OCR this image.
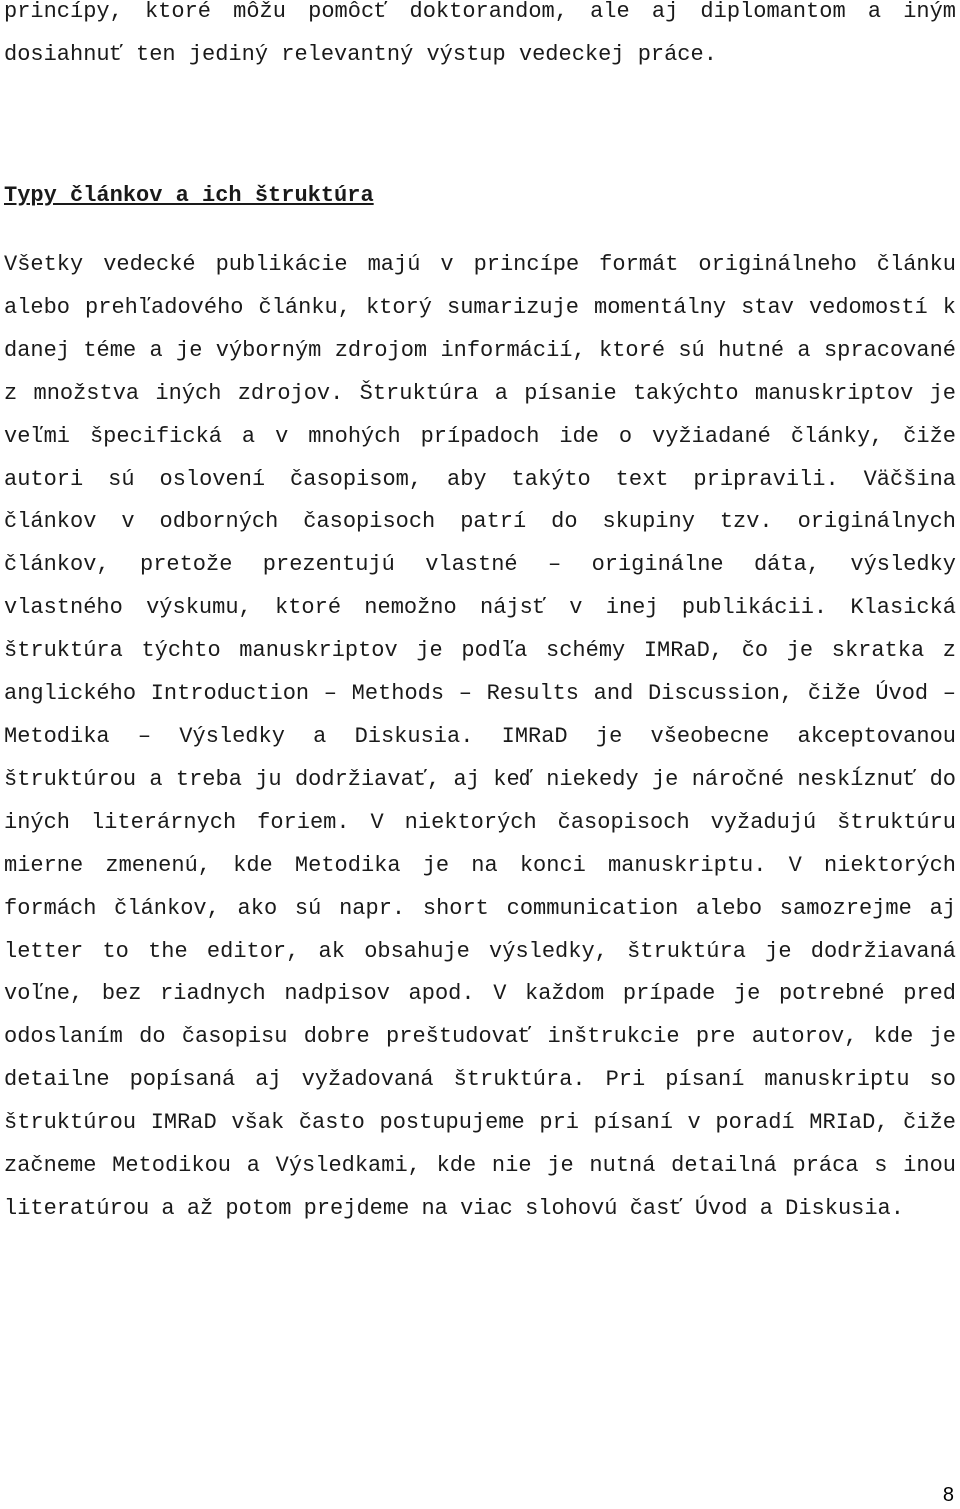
princípy, ktoré môžu pomôcť doktorandom, ale aj diplomantom a iným dosiahnuť ten jediný relevantný výstup vedeckej práce.

Typy článkov a ich štruktúra

Všetky vedecké publikácie majú v princípe formát originálneho článku alebo prehľadového článku, ktorý sumarizuje momentálny stav vedomostí k danej téme a je výborným zdrojom informácií, ktoré sú hutné a spracované z množstva iných zdrojov. Štruktúra a písanie takýchto manuskriptov je veľmi špecifická a v mnohých prípadoch ide o vyžiadané články, čiže autori sú oslovení časopisom, aby takýto text pripravili. Väčšina článkov v odborných časopisoch patrí do skupiny tzv. originálnych článkov, pretože prezentujú vlastné – originálne dáta, výsledky vlastného výskumu, ktoré nemožno nájsť v inej publikácii. Klasická štruktúra týchto manuskriptov je podľa schémy IMRaD, čo je skratka z anglického Introduction – Methods – Results and Discussion, čiže Úvod – Metodika – Výsledky a Diskusia. IMRaD je všeobecne akceptovanou štruktúrou a treba ju dodržiavať, aj keď niekedy je náročné neskĺznuť do iných literárnych foriem. V niektorých časopisoch vyžadujú štruktúru mierne zmenenú, kde Metodika je na konci manuskriptu. V niektorých formách článkov, ako sú napr. short communication alebo samozrejme aj letter to the editor, ak obsahuje výsledky, štruktúra je dodržiavaná voľne, bez riadnych nadpisov apod. V každom prípade je potrebné pred odoslaním do časopisu dobre preštudovať inštrukcie pre autorov, kde je detailne popísaná aj vyžadovaná štruktúra. Pri písaní manuskriptu so štruktúrou IMRaD však často postupujeme pri písaní v poradí MRIaD, čiže začneme Metodikou a Výsledkami, kde nie je nutná detailná práca s inou literatúrou a až potom prejdeme na viac slohovú časť Úvod a Diskusia.

8
